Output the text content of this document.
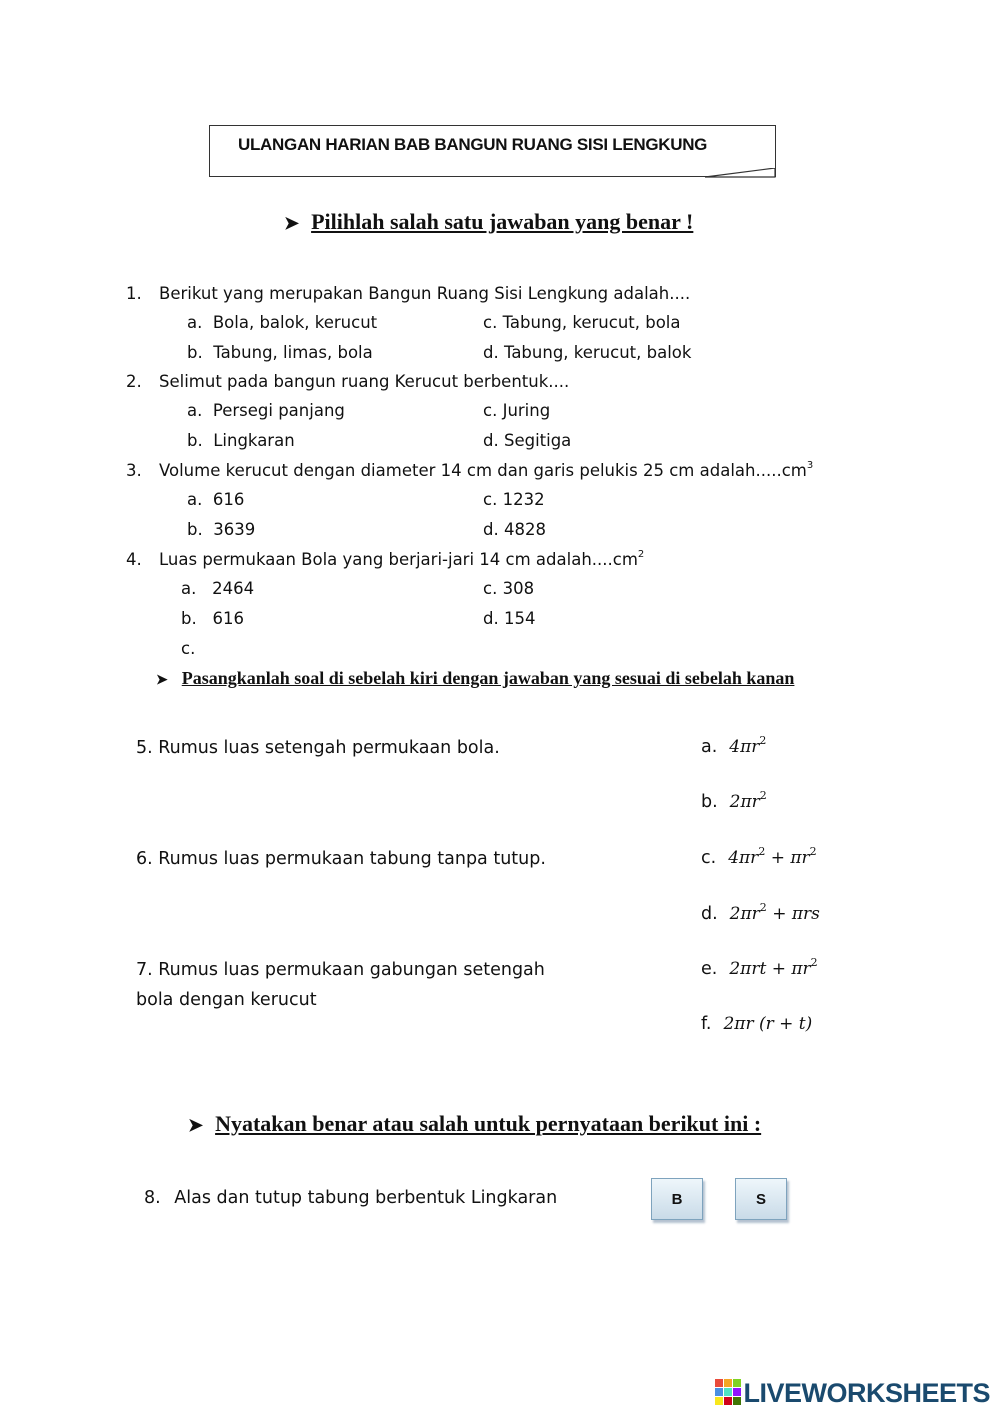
ULANGAN HARIAN BAB BANGUN RUANG SISI LENGKUNG
➤ Pilihlah salah satu jawaban yang benar !
1. Berikut yang merupakan Bangun Ruang Sisi Lengkung adalah....
a. Bola, balok, kerucut
b. Tabung, limas, bola
c. Tabung, kerucut, bola
d. Tabung, kerucut, balok
2. Selimut pada bangun ruang Kerucut berbentuk....
a. Persegi panjang
b. Lingkaran
c. Juring
d. Segitiga
3. Volume kerucut dengan diameter 14 cm dan garis pelukis 25 cm $adalah.....cm^3$
a. 616
b. 3639
c. 1232
d. 4828
4. Luas permukaan Bola yang berjari-jari 14 cm $adalah....cm^2$
a. 2464
b. 616
c. 308
d. 154
c.
➤ Pasangkanlah soal di sebelah kiri dengan jawaban yang sesuai di sebelah kanan
5. Rumus luas setengah permukaan bola.
6. Rumus luas permukaan tabung tanpa tutup.
7. Rumus luas permukaan gabungan setengah
bola dengan kerucut
a. $4\pi r^2$
b. $2\pi r^2$
c. $4\pi r^2 + \pi r^2$
d. $2\pi r^2 + \pi rs$
e. $2\pi rt + \pi r^2$
f. 2πr (r + t)
➤ Nyatakan benar atau salah untuk pernyataan berikut ini :
8. Alas dan tutup tabung berbentuk Lingkaran	B	S
LIVEWORKSHEETS
